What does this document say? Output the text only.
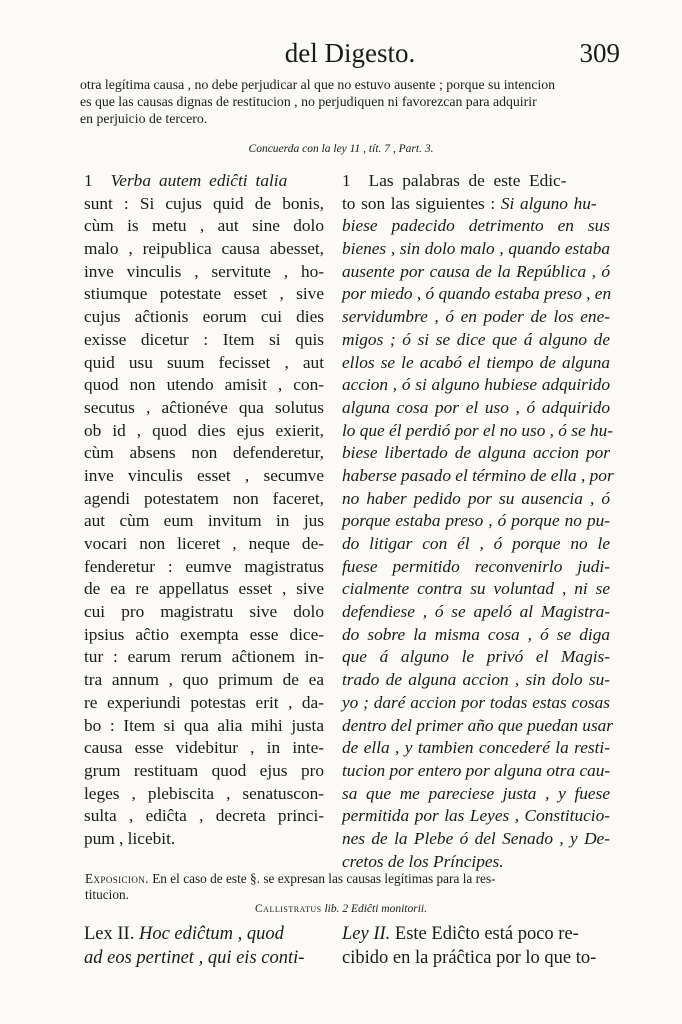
del Digesto.	309
otra legítima causa , no debe perjudicar al que no estuvo ausente ; porque su intencion
es que las causas dignas de restitucion , no perjudiquen ni favorezcan para adquirir
en perjuicio de tercero.
Concuerda con la ley 11 , tít. 7 , Part. 3.
1 Verba autem ediĉti talia
sunt : Si cujus quid de bonis,
cùm is metu , aut sine dolo
malo , reipublica causa abesset,
inve vinculis , servitute , ho-
stiumque potestate esset , sive
cujus aĉtionis eorum cui dies
exisse dicetur : Item si quis
quid usu suum fecisset , aut
quod non utendo amisit , con-
secutus , aĉtionéve qua solutus
ob id , quod dies ejus exierit,
cùm absens non defenderetur,
inve vinculis esset , secumve
agendi potestatem non faceret,
aut cùm eum invitum in jus
vocari non liceret , neque de-
fenderetur : eumve magistratus
de ea re appellatus esset , sive
cui pro magistratu sive dolo
ipsius aĉtio exempta esse dice-
tur : earum rerum aĉtionem in-
tra annum , quo primum de ea
re experiundi potestas erit , da-
bo : Item si qua alia mihi justa
causa esse videbitur , in inte-
grum restituam quod ejus pro
leges , plebiscita , senatuscon-
sulta , ediĉta , decreta princi-
pum , licebit.
1 Las palabras de este Edic-
to son las siguientes : Si alguno hu-
biese padecido detrimento en sus
bienes , sin dolo malo , quando estaba
ausente por causa de la República , ó
por miedo , ó quando estaba preso , en
servidumbre , ó en poder de los ene-
migos ; ó si se dice que á alguno de
ellos se le acabó el tiempo de alguna
accion , ó si alguno hubiese adquirido
alguna cosa por el uso , ó adquirido
lo que él perdió por el no uso , ó se hu-
biese libertado de alguna accion por
haberse pasado el término de ella , por
no haber pedido por su ausencia , ó
porque estaba preso , ó porque no pu-
do litigar con él , ó porque no le
fuese permitido reconvenirlo judi-
cialmente contra su voluntad , ni se
defendiese , ó se apeló al Magistra-
do sobre la misma cosa , ó se diga
que á alguno le privó el Magis-
trado de alguna accion , sin dolo su-
yo ; daré accion por todas estas cosas
dentro del primer año que puedan usar
de ella , y tambien concederé la resti-
tucion por entero por alguna otra cau-
sa que me pareciese justa , y fuese
permitida por las Leyes , Constitucio-
nes de la Plebe ó del Senado , y De-
cretos de los Príncipes.
Exposicion. En el caso de este §. se expresan las causas legítimas para la res-
titucion.
Callistratus lib. 2 Ediĉti monitorii.
Lex II. Hoc ediĉtum , quod
ad eos pertinet , qui eis conti-
Ley II. Este Ediĉto está poco re-
cibido en la práĉtica por lo que to-
